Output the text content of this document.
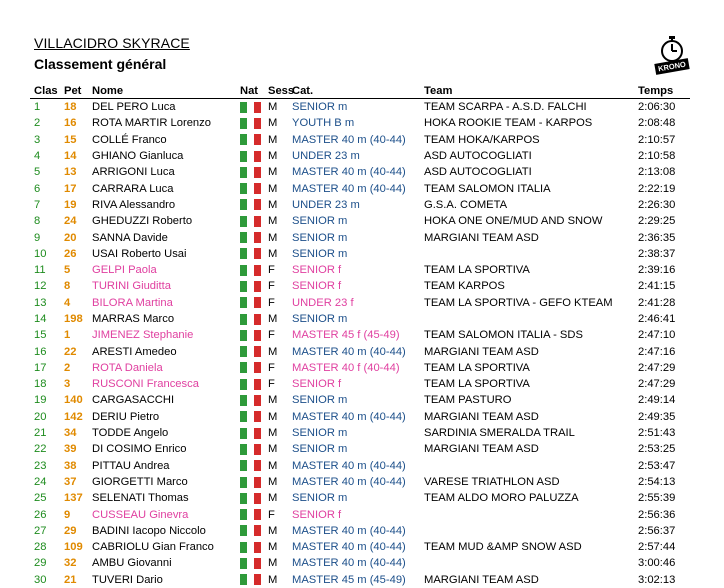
VILLACIDRO SKYRACE
Classement général	KRONO
Clas	Pet	Nome	Nat	Sess	Cat.	Team	Temps
1	18	DEL PERO Luca		M	SENIOR m	TEAM SCARPA - A.S.D. FALCHI	2:06:30
2	16	ROTA MARTIR Lorenzo		M	YOUTH B m	HOKA ROOKIE TEAM - KARPOS	2:08:48
3	15	COLLÉ Franco		M	MASTER 40 m (40-44)	TEAM HOKA/KARPOS	2:10:57
4	14	GHIANO Gianluca		M	UNDER 23 m	ASD AUTOCOGLIATI	2:10:58
5	13	ARRIGONI Luca		M	MASTER 40 m (40-44)	ASD AUTOCOGLIATI	2:13:08
6	17	CARRARA Luca		M	MASTER 40 m (40-44)	TEAM SALOMON ITALIA	2:22:19
7	19	RIVA Alessandro		M	UNDER 23 m	G.S.A. COMETA	2:26:30
8	24	GHEDUZZI Roberto		M	SENIOR m	HOKA ONE ONE/MUD AND SNOW	2:29:25
9	20	SANNA Davide		M	SENIOR m	MARGIANI TEAM ASD	2:36:35
10	26	USAI Roberto Usai		M	SENIOR m		2:38:37
11	5	GELPI Paola		F	SENIOR f	TEAM LA SPORTIVA	2:39:16
12	8	TURINI Giuditta		F	SENIOR f	TEAM KARPOS	2:41:15
13	4	BILORA Martina		F	UNDER 23 f	TEAM LA SPORTIVA - GEFO KTEAM	2:41:28
14	198	MARRAS Marco		M	SENIOR m		2:46:41
15	1	JIMENEZ Stephanie		F	MASTER 45 f (45-49)	TEAM SALOMON ITALIA - SDS	2:47:10
16	22	ARESTI Amedeo		M	MASTER 40 m (40-44)	MARGIANI TEAM ASD	2:47:16
17	2	ROTA Daniela		F	MASTER 40 f (40-44)	TEAM LA SPORTIVA	2:47:29
18	3	RUSCONI Francesca		F	SENIOR f	TEAM LA SPORTIVA	2:47:29
19	140	CARGASACCHI		M	SENIOR m	TEAM PASTURO	2:49:14
20	142	DERIU Pietro		M	MASTER 40 m (40-44)	MARGIANI TEAM ASD	2:49:35
21	34	TODDE Angelo		M	SENIOR m	SARDINIA SMERALDA TRAIL	2:51:43
22	39	DI COSIMO Enrico		M	SENIOR m	MARGIANI TEAM ASD	2:53:25
23	38	PITTAU Andrea		M	MASTER 40 m (40-44)		2:53:47
24	37	GIORGETTI Marco		M	MASTER 40 m (40-44)	VARESE TRIATHLON ASD	2:54:13
25	137	SELENATI Thomas		M	SENIOR m	TEAM ALDO MORO PALUZZA	2:55:39
26	9	CUSSEAU Ginevra		F	SENIOR f		2:56:36
27	29	BADINI Iacopo Niccolo		M	MASTER 40 m (40-44)		2:56:37
28	109	CABRIOLU Gian Franco		M	MASTER 40 m (40-44)	TEAM MUD &AMP SNOW ASD	2:57:44
29	32	AMBU Giovanni		M	MASTER 40 m (40-44)		3:00:46
30	21	TUVERI Dario		M	MASTER 45 m (45-49)	MARGIANI TEAM ASD	3:02:13
